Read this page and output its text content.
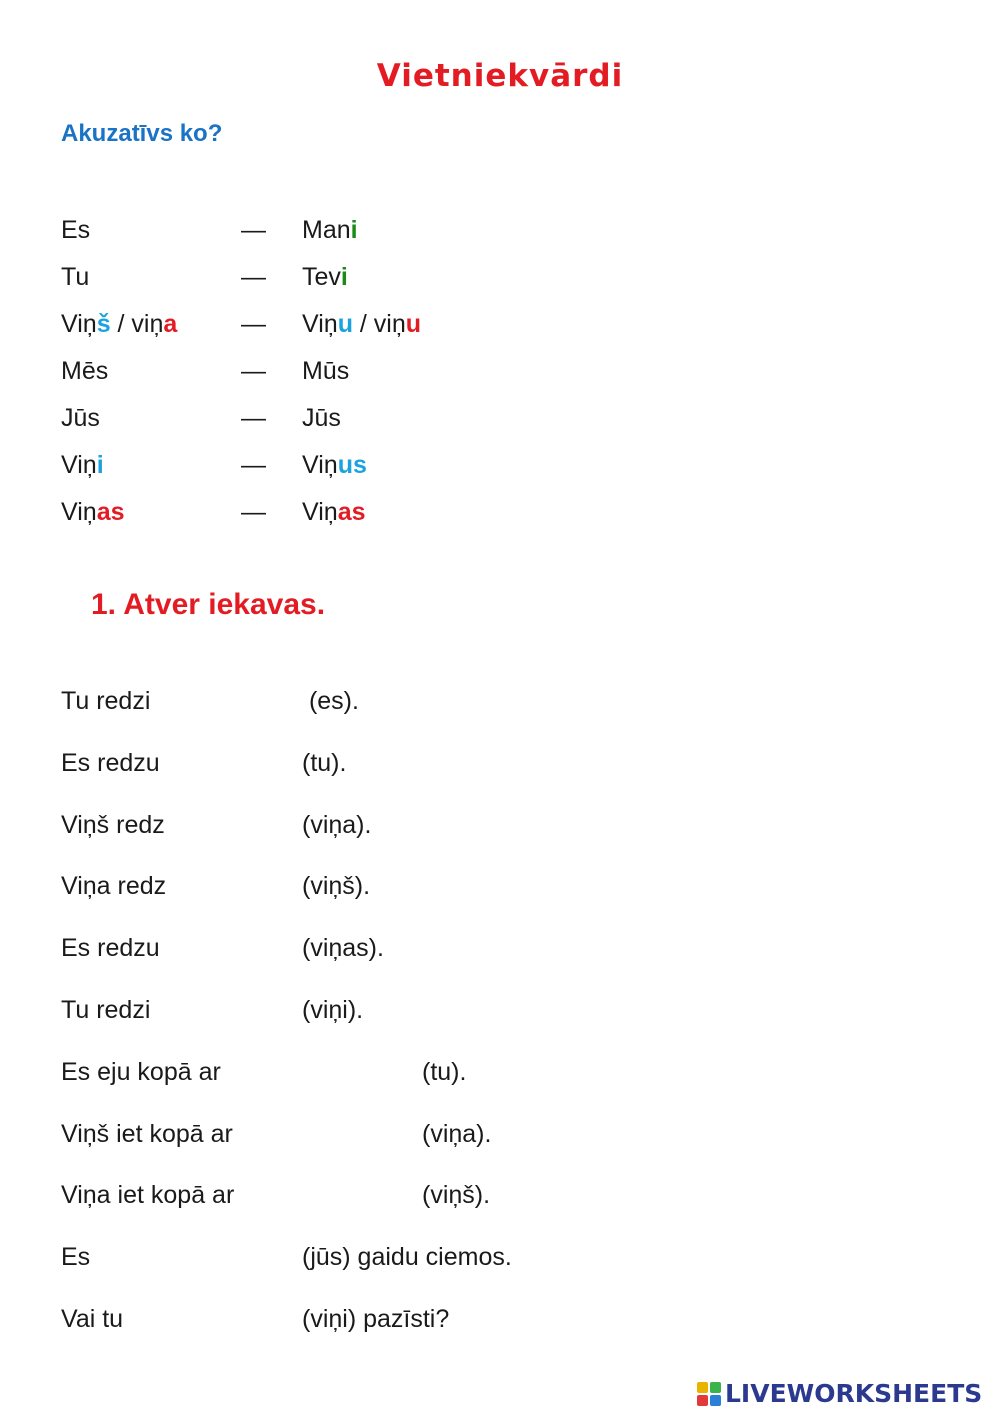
Vietniekvārdi
Akuzatīvs ko?
Es	— Mani
Tu	— Tevi
Viņš / viņa	— Viņu / viņu
Mēs	— Mūs
Jūs	— Jūs
Viņi	— Viņus
Viņas	— Viņas
1. Atver iekavas.
Tu redzi	(es).
Es redzu	(tu).
Viņš redz	(viņa).
Viņa redz	(viņš).
Es redzu	(viņas).
Tu redzi	(viņi).
Es eju kopā ar	(tu).
Viņš iet kopā ar	(viņa).
Viņa iet kopā ar	(viņš).
Es	(jūs) gaidu ciemos.
Vai tu	(viņi) pazīsti?
LIVEWORKSHEETS
